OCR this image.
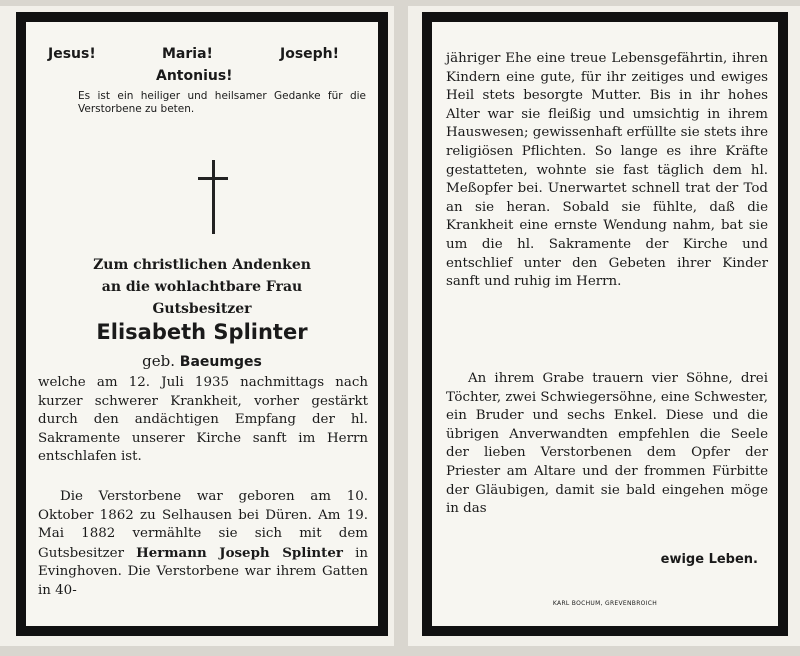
Jesus!	Maria!	Joseph!
Antonius!
Es ist ein heiliger und heilsamer Gedanke für die Verstorbene zu beten.
Zum christlichen Andenken
an die wohlachtbare Frau
Gutsbesitzer
Elisabeth Splinter
geb. Baeumges
welche am 12. Juli 1935 nachmittags nach kurzer schwerer Krankheit, vorher gestärkt durch den andächtigen Empfang der hl. Sakramente unserer Kirche sanft im Herrn entschlafen ist.
Die Verstorbene war geboren am 10. Oktober 1862 zu Selhausen bei Düren. Am 19. Mai 1882 vermählte sie sich mit dem Gutsbesitzer Hermann Joseph Splinter in Evinghoven. Die Verstorbene war ihrem Gatten in 40-
jähriger Ehe eine treue Lebensgefährtin, ihren Kindern eine gute, für ihr zeitiges und ewiges Heil stets besorgte Mutter. Bis in ihr hohes Alter war sie fleißig und umsichtig in ihrem Hauswesen; gewissenhaft erfüllte sie stets ihre religiösen Pflichten. So lange es ihre Kräfte gestatteten, wohnte sie fast täglich dem hl. Meßopfer bei. Unerwartet schnell trat der Tod an sie heran. Sobald sie fühlte, daß die Krankheit eine ernste Wendung nahm, bat sie um die hl. Sakramente der Kirche und entschlief unter den Gebeten ihrer Kinder sanft und ruhig im Herrn.
An ihrem Grabe trauern vier Söhne, drei Töchter, zwei Schwiegersöhne, eine Schwester, ein Bruder und sechs Enkel. Diese und die übrigen Anverwandten empfehlen die Seele der lieben Verstorbenen dem Opfer der Priester am Altare und der frommen Fürbitte der Gläubigen, damit sie bald eingehen möge in das
ewige Leben.
KARL BOCHUM, GREVENBROICH
